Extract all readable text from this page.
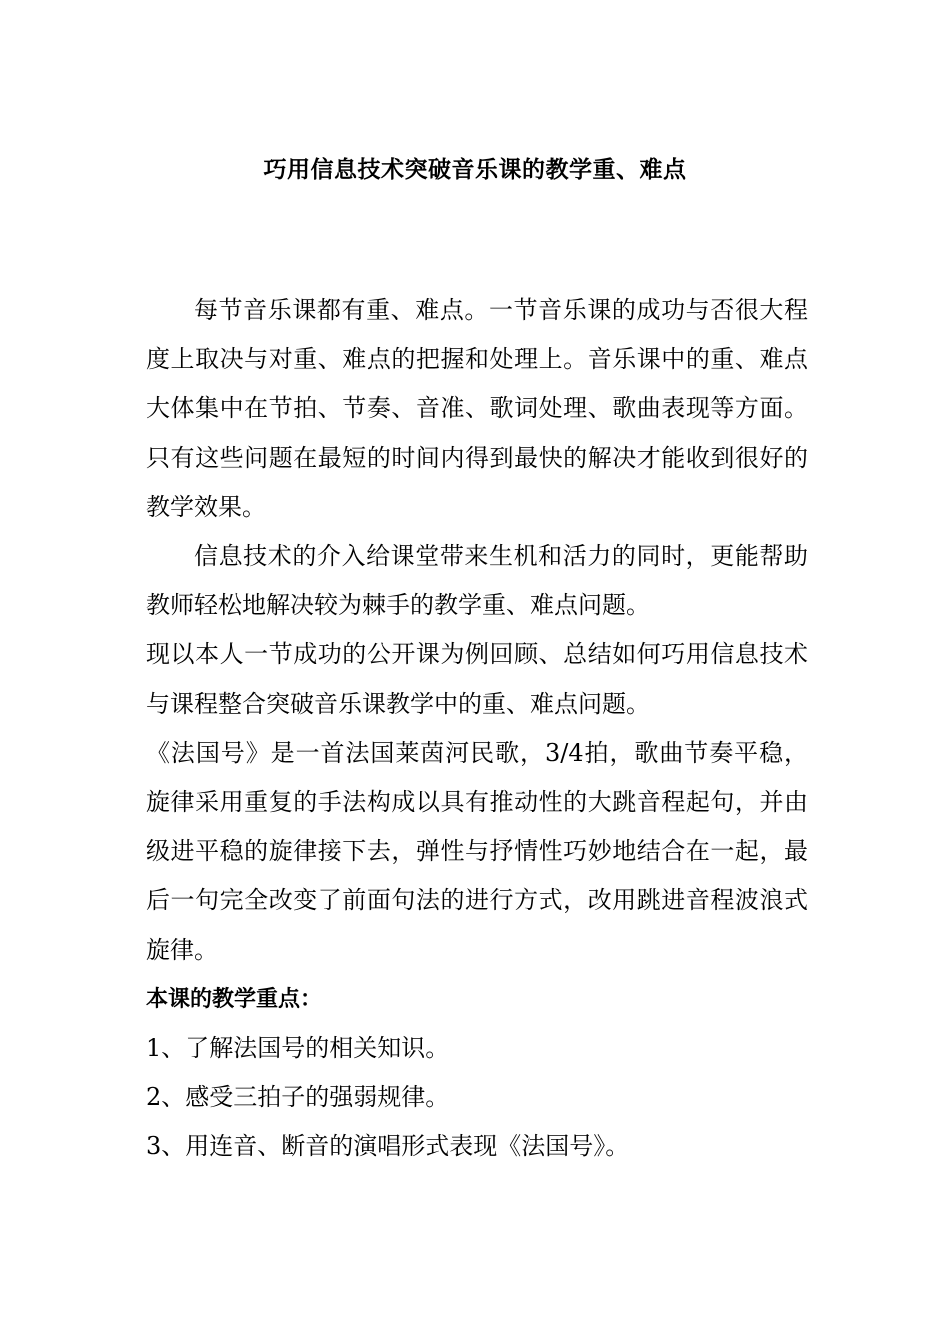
巧用信息技术突破音乐课的教学重、难点

每节音乐课都有重、难点。一节音乐课的成功与否很大程度上取决与对重、难点的把握和处理上。音乐课中的重、难点大体集中在节拍、节奏、音准、歌词处理、歌曲表现等方面。只有这些问题在最短的时间内得到最快的解决才能收到很好的教学效果。

信息技术的介入给课堂带来生机和活力的同时，更能帮助教师轻松地解决较为棘手的教学重、难点问题。

现以本人一节成功的公开课为例回顾、总结如何巧用信息技术与课程整合突破音乐课教学中的重、难点问题。

《法国号》是一首法国莱茵河民歌，3/4拍，歌曲节奏平稳，旋律采用重复的手法构成以具有推动性的大跳音程起句，并由级进平稳的旋律接下去，弹性与抒情性巧妙地结合在一起，最后一句完全改变了前面句法的进行方式，改用跳进音程波浪式旋律。

本课的教学重点：

1、了解法国号的相关知识。

2、感受三拍子的强弱规律。

3、用连音、断音的演唱形式表现《法国号》。
